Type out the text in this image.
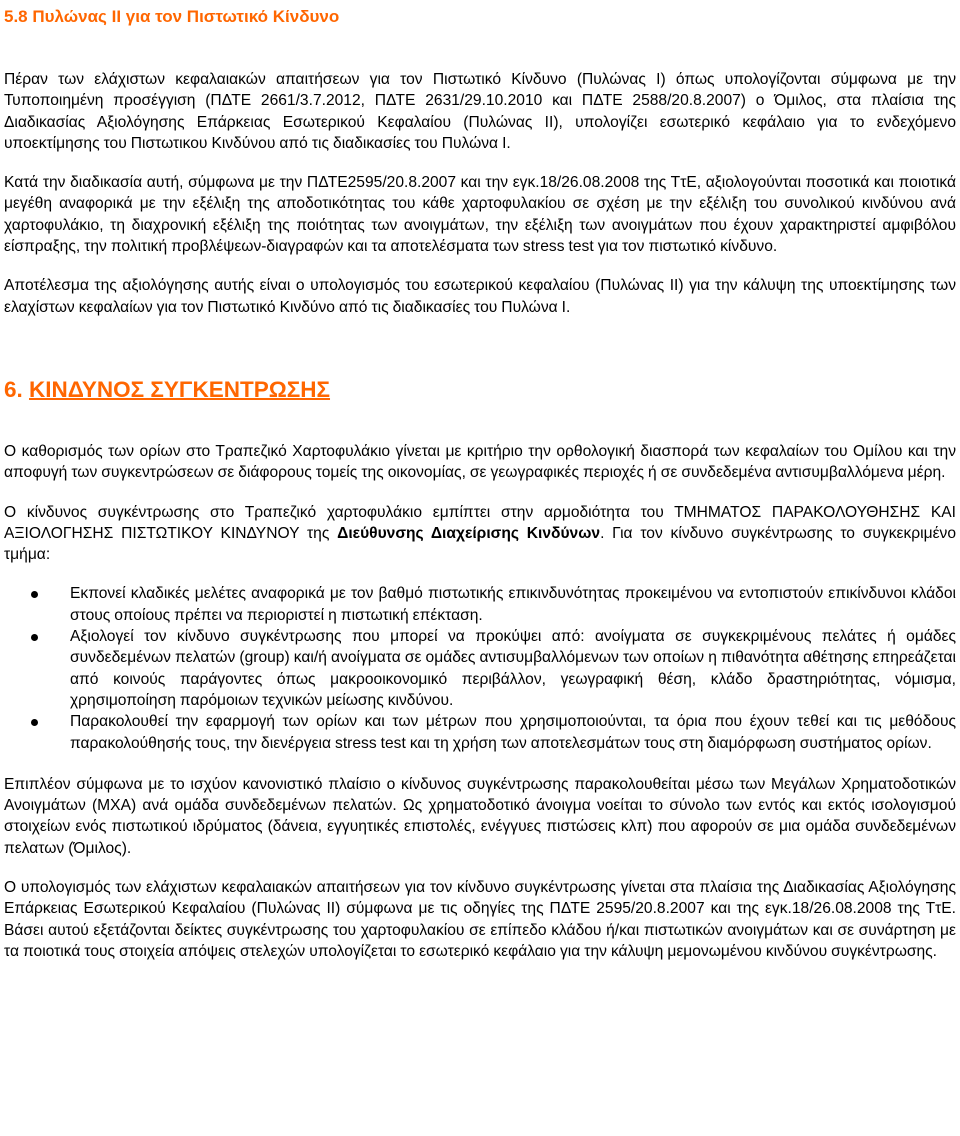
5.8 Πυλώνας ΙΙ για τον Πιστωτικό Κίνδυνο

Πέραν των ελάχιστων κεφαλαιακών απαιτήσεων για τον Πιστωτικό Κίνδυνο (Πυλώνας Ι) όπως υπολογίζονται σύμφωνα με την Τυποποιημένη προσέγγιση (ΠΔΤΕ 2661/3.7.2012, ΠΔΤΕ 2631/29.10.2010 και ΠΔΤΕ 2588/20.8.2007) ο Όμιλος, στα πλαίσια της Διαδικασίας Αξιολόγησης Επάρκειας Εσωτερικού Κεφαλαίου (Πυλώνας ΙΙ), υπολογίζει εσωτερικό κεφάλαιο για το ενδεχόμενο υποεκτίμησης του Πιστωτικου Κινδύνου από τις διαδικασίες του Πυλώνα Ι.

Κατά την διαδικασία αυτή, σύμφωνα με την ΠΔΤΕ2595/20.8.2007 και την εγκ.18/26.08.2008 της ΤτΕ, αξιολογούνται ποσοτικά και ποιοτικά μεγέθη αναφορικά με την εξέλιξη της αποδοτικότητας του κάθε χαρτοφυλακίου σε σχέση με την εξέλιξη του συνολικού κινδύνου ανά χαρτοφυλάκιο, τη διαχρονική εξέλιξη της ποιότητας των ανοιγμάτων, την εξέλιξη των ανοιγμάτων που έχουν χαρακτηριστεί αμφιβόλου είσπραξης, την πολιτική προβλέψεων-διαγραφών και τα αποτελέσματα των stress test για τον πιστωτικό κίνδυνο.

Αποτέλεσμα της αξιολόγησης αυτής είναι ο υπολογισμός του εσωτερικού κεφαλαίου (Πυλώνας ΙΙ) για την κάλυψη της υποεκτίμησης των ελαχίστων κεφαλαίων για τον Πιστωτικό Κινδύνο από τις διαδικασίες του Πυλώνα Ι.

6. ΚΙΝΔΥΝΟΣ ΣΥΓΚΕΝΤΡΩΣΗΣ

Ο καθορισμός των ορίων στο Τραπεζικό Χαρτοφυλάκιο γίνεται με κριτήριο την ορθολογική διασπορά των κεφαλαίων του Ομίλου και την αποφυγή των συγκεντρώσεων σε διάφορους τομείς της οικονομίας, σε γεωγραφικές περιοχές ή σε συνδεδεμένα αντισυμβαλλόμενα μέρη.

Ο κίνδυνος συγκέντρωσης στο Τραπεζικό χαρτοφυλάκιο εμπίπτει στην αρμοδιότητα του ΤΜΗΜΑΤΟΣ ΠΑΡΑΚΟΛΟΥΘΗΣΗΣ ΚΑΙ ΑΞΙΟΛΟΓΗΣΗΣ ΠΙΣΤΩΤΙΚΟΥ ΚΙΝΔΥΝΟΥ της Διεύθυνσης Διαχείρισης Κινδύνων. Για τον κίνδυνο συγκέντρωσης το συγκεκριμένο τμήμα:

Εκπονεί κλαδικές μελέτες αναφορικά με τον βαθμό πιστωτικής επικινδυνότητας προκειμένου να εντοπιστούν επικίνδυνοι κλάδοι στους οποίους πρέπει να περιοριστεί η πιστωτική επέκταση.
Αξιολογεί τον κίνδυνο συγκέντρωσης που μπορεί να προκύψει από: ανοίγματα σε συγκεκριμένους πελάτες ή ομάδες συνδεδεμένων πελατών (group) και/ή ανοίγματα σε ομάδες αντισυμβαλλόμενων των οποίων η πιθανότητα αθέτησης επηρεάζεται από κοινούς παράγοντες όπως μακροοικονομικό περιβάλλον, γεωγραφική θέση, κλάδο δραστηριότητας, νόμισμα, χρησιμοποίηση παρόμοιων τεχνικών μείωσης κινδύνου.
Παρακολουθεί την εφαρμογή των ορίων και των μέτρων που χρησιμοποιούνται, τα όρια που έχουν τεθεί και τις μεθόδους παρακολούθησής τους, την διενέργεια stress test και τη χρήση των αποτελεσμάτων τους στη διαμόρφωση συστήματος ορίων.

Επιπλέον σύμφωνα με το ισχύον κανονιστικό πλαίσιο ο κίνδυνος συγκέντρωσης παρακολουθείται μέσω των Μεγάλων Χρηματοδοτικών Ανοιγμάτων (ΜΧΑ) ανά ομάδα συνδεδεμένων πελατών. Ως χρηματοδοτικό άνοιγμα νοείται το σύνολο των εντός και εκτός ισολογισμού στοιχείων ενός πιστωτικού ιδρύματος (δάνεια, εγγυητικές επιστολές, ενέγγυες πιστώσεις κλπ) που αφορούν σε μια ομάδα συνδεδεμένων πελατων (Όμιλος).

Ο υπολογισμός των ελάχιστων κεφαλαιακών απαιτήσεων για τον κίνδυνο συγκέντρωσης γίνεται στα πλαίσια της Διαδικασίας Αξιολόγησης Επάρκειας Εσωτερικού Κεφαλαίου (Πυλώνας ΙΙ) σύμφωνα με τις οδηγίες της ΠΔΤΕ 2595/20.8.2007 και της εγκ.18/26.08.2008 της ΤτΕ. Βάσει αυτού εξετάζονται δείκτες συγκέντρωσης του χαρτοφυλακίου σε επίπεδο κλάδου ή/και πιστωτικών ανοιγμάτων και σε συνάρτηση με τα ποιοτικά τους στοιχεία απόψεις στελεχών υπολογίζεται το εσωτερικό κεφάλαιο για την κάλυψη μεμονωμένου κινδύνου συγκέντρωσης.
